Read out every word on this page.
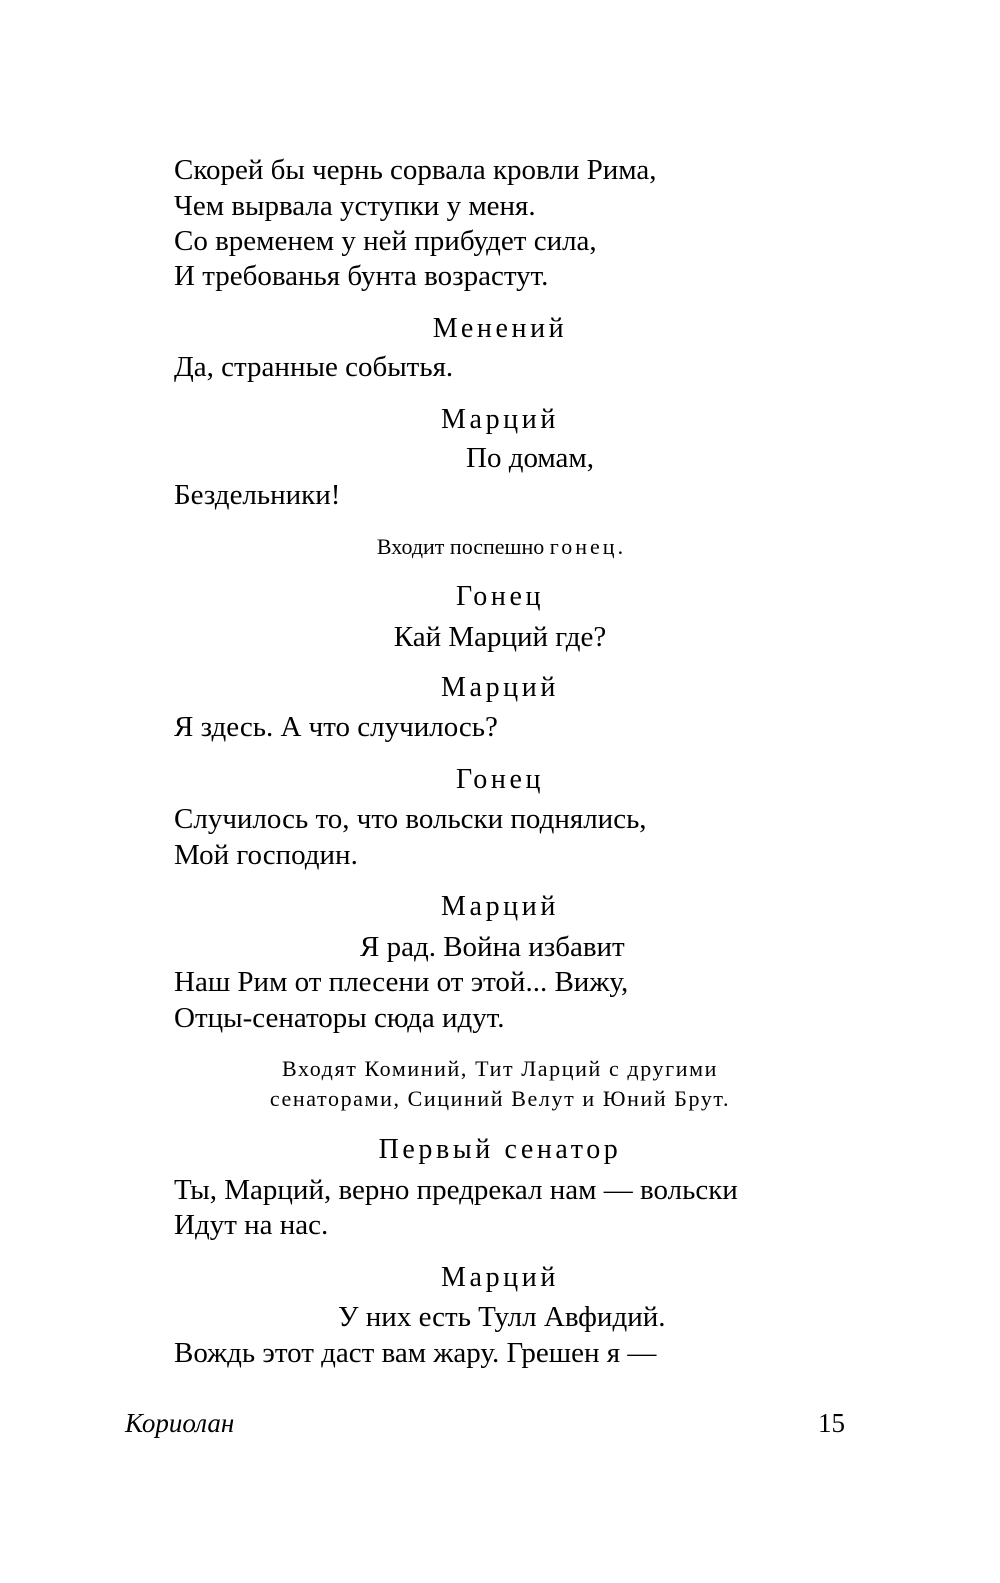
Скорей бы чернь сорвала кровли Рима,
Чем вырвала уступки у меня.
Со временем у ней прибудет сила,
И требованья бунта возрастут.
Менений
Да, странные событья.
Марций
По домам,
Бездельники!
Входит поспешно гонец.
Гонец
Кай Марций где?
Марций
Я здесь. А что случилось?
Гонец
Случилось то, что вольски поднялись,
Мой господин.
Марций
Я рад. Война избавит
Наш Рим от плесени от этой... Вижу,
Отцы-сенаторы сюда идут.
Входят Коминий, Тит Ларций с другими
сенаторами, Сициний Велут и Юний Брут.
Первый сенатор
Ты, Марций, верно предрекал нам — вольски
Идут на нас.
Марций
У них есть Тулл Авфидий.
Вождь этот даст вам жару. Грешен я —
Кориолан	15
